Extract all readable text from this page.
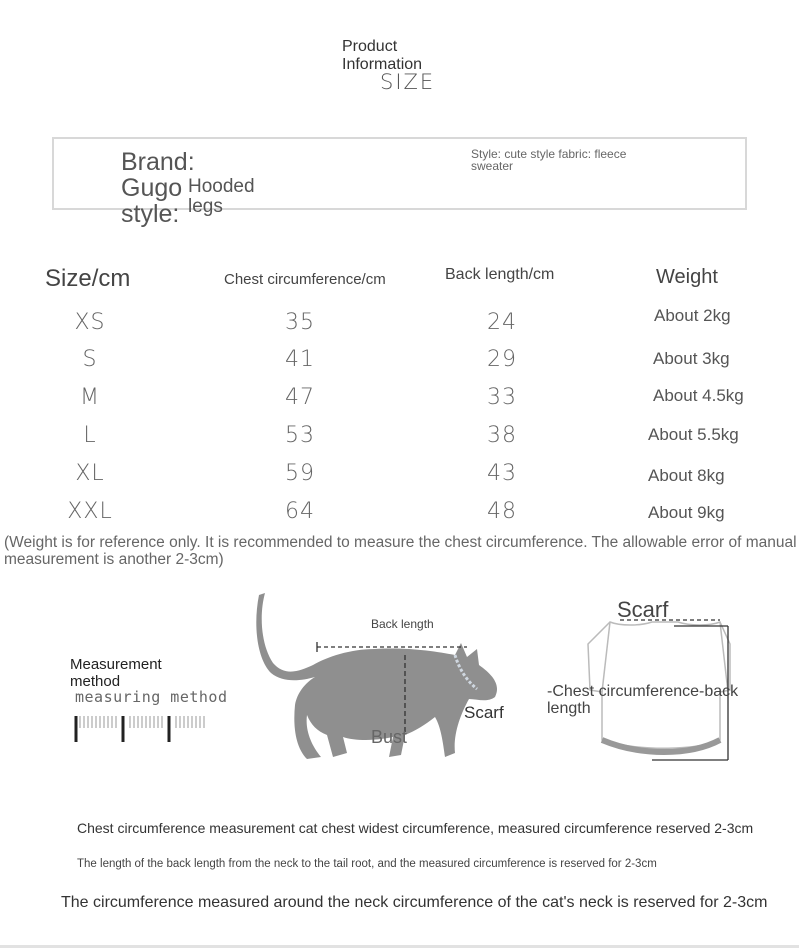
Product Information
SIZE
Brand:
Gugo
style:
Hooded legs
Style: cute style fabric: fleece sweater
Size/cm	Chest circumference/cm	Back length/cm	Weight
XS	35	24	About 2kg
S	41	29	About 3kg
M	47	33	About 4.5kg
L	53	38	About 5.5kg
XL	59	43	About 8kg
XXL	64	48	About 9kg
(Weight is for reference only. It is recommended to measure the chest circumference. The allowable error of manual measurement is another 2-3cm)
Measurement method
measuring method
Back length
Scarf
Bust
Scarf
-Chest circumference-back length
Chest circumference measurement cat chest widest circumference, measured circumference reserved 2-3cm
The length of the back length from the neck to the tail root, and the measured circumference is reserved for 2-3cm
The circumference measured around the neck circumference of the cat's neck is reserved for 2-3cm
